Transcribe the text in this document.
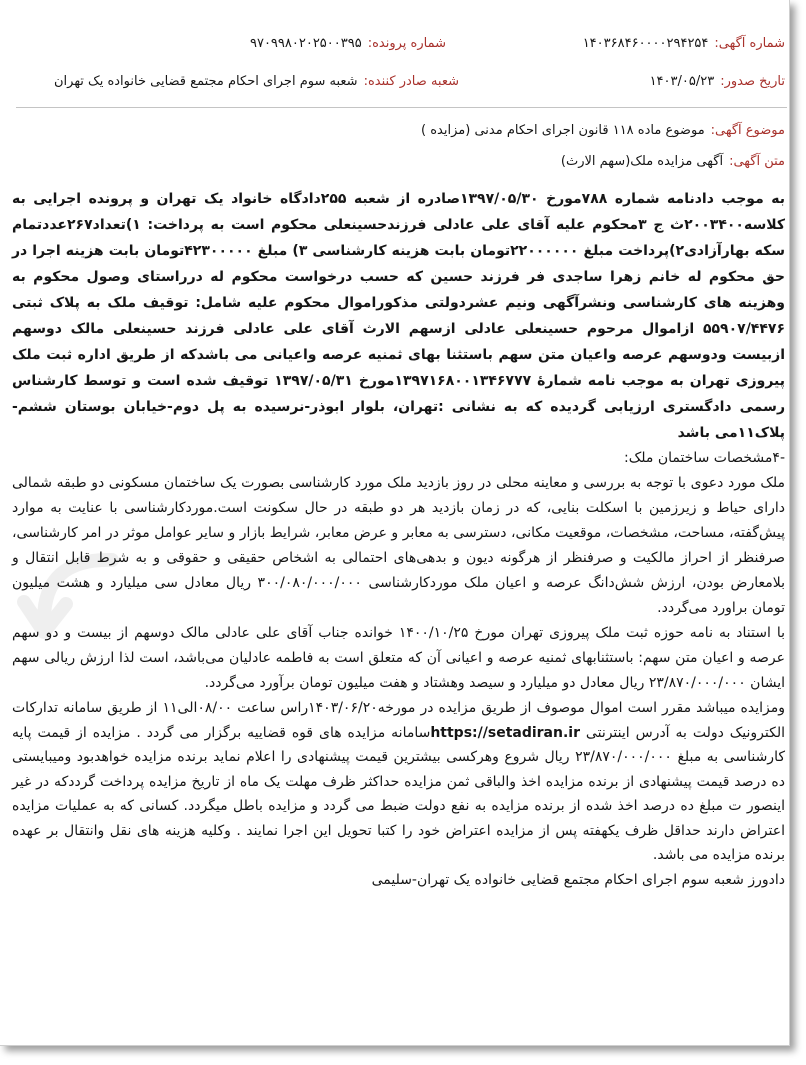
شماره آگهی:۱۴۰۳۶۸۴۶۰۰۰۰۲۹۴۲۵۴
شماره پرونده:۹۷۰۹۹۸۰۲۰۲۵۰۰۳۹۵
تاریخ صدور:۱۴۰۳/۰۵/۲۳
شعبه صادر کننده:شعبه سوم اجرای احکام مجتمع قضایی خانواده یک تهران
موضوع آگهی:موضوع ماده ۱۱۸ قانون اجرای احکام مدنی (مزایده )
متن آگهی:آگهی مزایده ملک(سهم الارث)

به موجب دادنامه شماره ۷۸۸مورخ ۱۳۹۷/۰۵/۳۰صادره از شعبه ۲۵۵دادگاه خانواد یک تهران و پرونده اجرایی به کلاسه۲۰۰۳۴۰۰ث ج ۳محکوم علیه آقای علی عادلی فرزندحسینعلی محکوم است به پرداخت: ۱)تعداد۲۶۷عددتمام سکه بهارآزادی۲)پرداخت مبلغ ۲۲۰۰۰۰۰۰تومان بابت هزینه کارشناسی ۳) مبلغ ۴۲۳۰۰۰۰۰تومان بابت هزینه اجرا در حق محکوم له خانم زهرا ساجدی فر فرزند حسین که حسب درخواست محکوم له درراستای وصول محکوم به وهزینه های کارشناسی ونشرآگهی ونیم عشردولتی مذکوراموال محکوم علیه شامل: توقیف ملک به پلاک ثبتی ۵۵۹۰۷/۴۴۷۶ ازاموال مرحوم حسینعلی عادلی ازسهم الارث آقای علی عادلی فرزند حسینعلی مالک دوسهم ازبیست ودوسهم عرصه واعیان متن سهم باستثنا بهای ثمنیه عرصه واعیانی می باشدکه از طریق اداره ثبت ملک پیروزی تهران به موجب نامه شمارهٔ ۱۳۹۷۱۶۸۰۰۱۳۴۶۷۷۷مورخ ۱۳۹۷/۰۵/۳۱ توقیف شده است و توسط کارشناس رسمی دادگستری ارزیابی گردیده که به نشانی :تهران، بلوار ابوذر-نرسیده به پل دوم-خیابان بوستان ششم-پلاک۱۱می باشد

-۴مشخصات ساختمان ملک:

ملک مورد دعوی با توجه به بررسی و معاینه محلی در روز بازدید ملک مورد کارشناسی بصورت یک ساختمان مسکونی دو طبقه شمالی دارای حیاط و زیرزمین با اسکلت بنایی، که در زمان بازدید هر دو طبقه در حال سکونت است.موردکارشناسی با عنایت به موارد پیش‌گفته، مساحت، مشخصات، موقعیت مکانی، دسترسی به معابر و عرض معابر، شرایط بازار و سایر عوامل موثر در امر کارشناسی، صرفنظر از احراز مالکیت و صرفنظر از هرگونه دیون و بدهی‌های احتمالی به اشخاص حقیقی و حقوقی و به شرط قابل انتقال و بلامعارض بودن، ارزش شش‌دانگ عرصه و اعیان ملک موردکارشناسی ۳۰۰/۰۸۰/۰۰۰/۰۰۰ ریال معادل سی میلیارد و هشت میلیون تومان براورد می‌گردد.

با استناد به نامه حوزه ثبت ملک پیروزی تهران مورخ ۱۴۰۰/۱۰/۲۵ خوانده جناب آقای علی عادلی مالک دوسهم از بیست و دو سهم عرصه و اعیان متن سهم: باستثنابهای ثمنیه عرصه و اعیانی آن که متعلق است به فاطمه عادلیان می‌باشد، است لذا ارزش ریالی سهم ایشان ۲۳/۸۷۰/۰۰۰/۰۰۰ ریال معادل دو میلیارد و سیصد وهشتاد و هفت میلیون تومان برآورد می‌گردد.

ومزایده میباشد مقرر است اموال موصوف از طریق مزایده در مورخه۱۴۰۳/۰۶/۲۰راس ساعت ۰۸/۰۰الی۱۱ از طریق سامانه تدارکات الکترونیک دولت به آدرس اینترنتی https://setadiran.irسامانه مزایده های قوه قضاییه برگزار می گردد . مزایده از قیمت پایه کارشناسی به مبلغ ۲۳/۸۷۰/۰۰۰/۰۰۰ ریال شروع وهرکسی بیشترین قیمت پیشنهادی را اعلام نماید برنده مزایده خواهدبود ومیبایستی ده درصد قیمت پیشنهادی از برنده مزایده اخذ والباقی ثمن مزایده حداکثر ظرف مهلت یک ماه از تاریخ مزایده پرداخت گرددکه در غیر اینصور ت مبلغ ده درصد اخذ شده از برنده مزایده به نفع دولت ضبط می گردد و مزایده باطل میگردد. کسانی که به عملیات مزایده اعتراض دارند حداقل ظرف یکهفته پس از مزایده اعتراض خود را کتبا تحویل این اجرا نمایند . وکلیه هزینه های نقل وانتقال بر عهده برنده مزایده می باشد.

دادورز شعبه سوم اجرای احکام مجتمع قضایی خانواده یک تهران-سلیمی
